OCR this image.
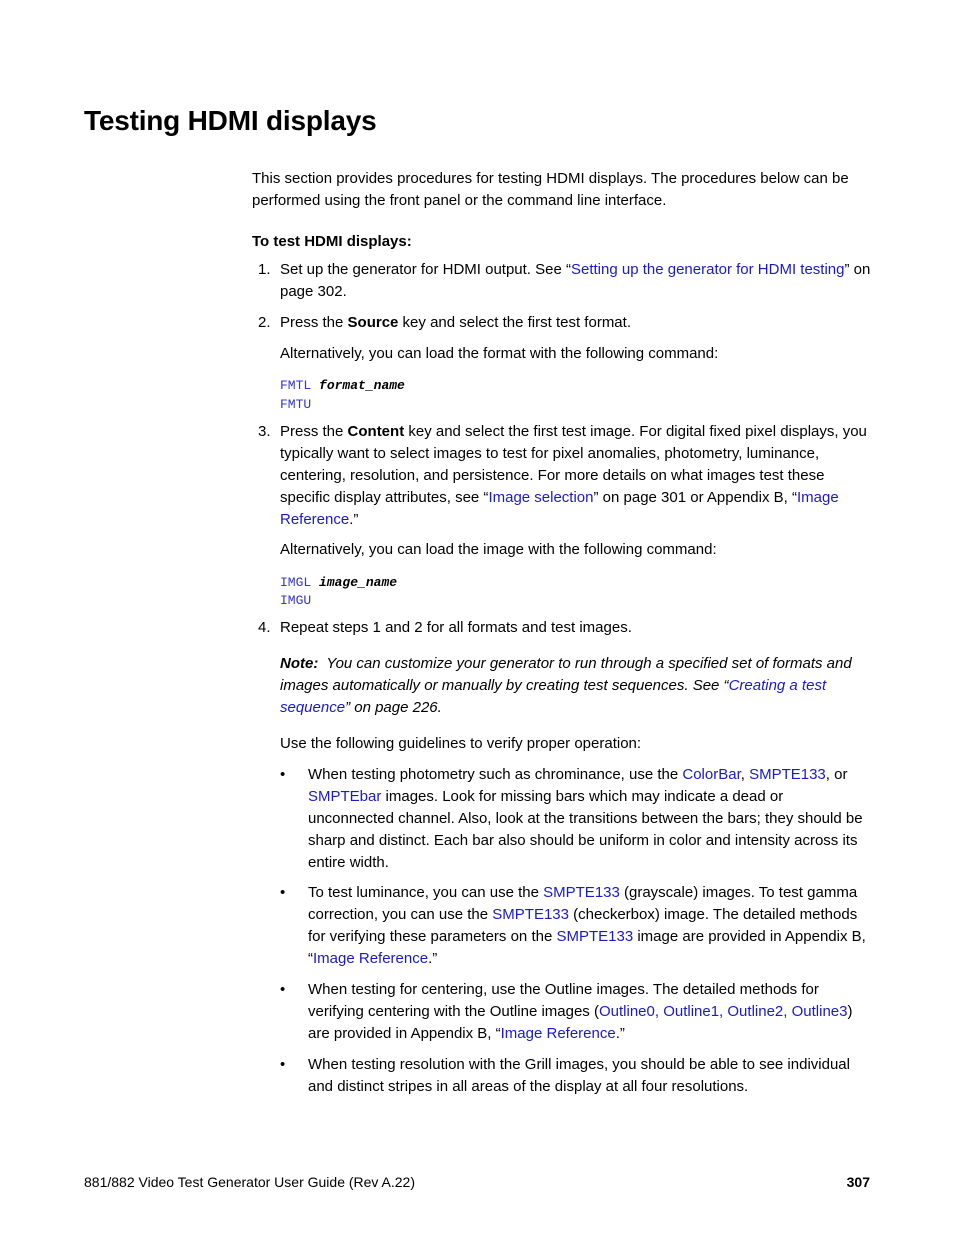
Testing HDMI displays

This section provides procedures for testing HDMI displays. The procedures below can be performed using the front panel or the command line interface.

To test HDMI displays:

1. Set up the generator for HDMI output. See “Setting up the generator for HDMI testing” on page 302.
2. Press the Source key and select the first test format.

Alternatively, you can load the format with the following command:

FMTL format_name
FMTU
3. Press the Content key and select the first test image. For digital fixed pixel displays, you typically want to select images to test for pixel anomalies, photometry, luminance, centering, resolution, and persistence. For more details on what images test these specific display attributes, see “Image selection” on page 301 or Appendix B, “Image Reference.”

Alternatively, you can load the image with the following command:

IMGL image_name
IMGU
4. Repeat steps 1 and 2 for all formats and test images.

Note: You can customize your generator to run through a specified set of formats and images automatically or manually by creating test sequences. See “Creating a test sequence” on page 226.

Use the following guidelines to verify proper operation:

• When testing photometry such as chrominance, use the ColorBar, SMPTE133, or SMPTEbar images. Look for missing bars which may indicate a dead or unconnected channel. Also, look at the transitions between the bars; they should be sharp and distinct. Each bar also should be uniform in color and intensity across its entire width.
• To test luminance, you can use the SMPTE133 (grayscale) images. To test gamma correction, you can use the SMPTE133 (checkerbox) image. The detailed methods for verifying these parameters on the SMPTE133 image are provided in Appendix B, “Image Reference.”
• When testing for centering, use the Outline images. The detailed methods for verifying centering with the Outline images (Outline0, Outline1, Outline2, Outline3) are provided in Appendix B, “Image Reference.”
• When testing resolution with the Grill images, you should be able to see individual and distinct stripes in all areas of the display at all four resolutions.
881/882 Video Test Generator User Guide (Rev A.22)	307
